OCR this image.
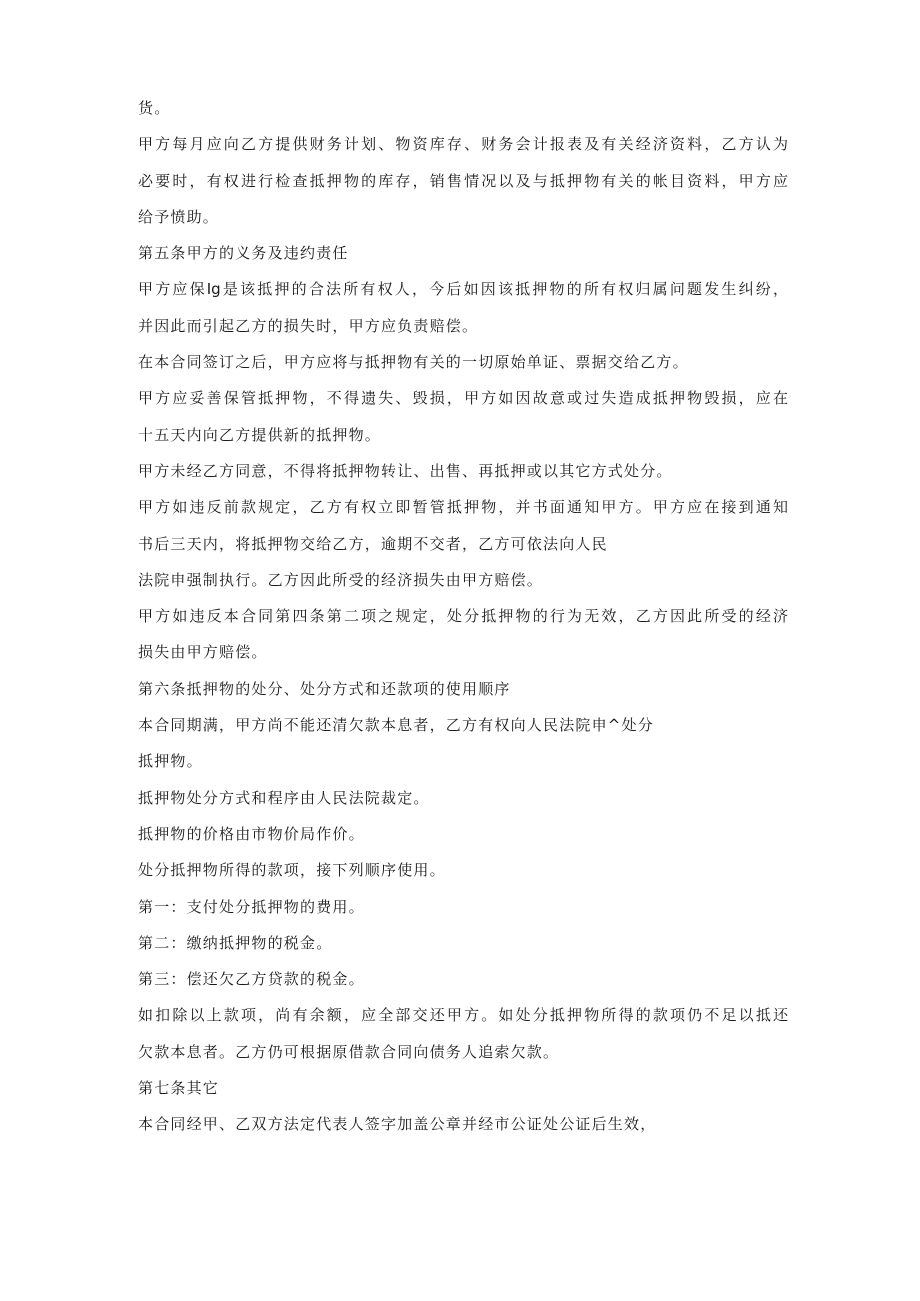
货。
甲方每月应向乙方提供财务计划、物资库存、财务会计报表及有关经济资料，乙方认为
必要时，有权进行检查抵押物的库存，销售情况以及与抵押物有关的帐目资料，甲方应
给予愤助。
第五条甲方的义务及违约责任
甲方应保Ig是该抵押的合法所有权人，今后如因该抵押物的所有权归属问题发生纠纷，
并因此而引起乙方的损失时，甲方应负责赔偿。
在本合同签订之后，甲方应将与抵押物有关的一切原始单证、票据交给乙方。
甲方应妥善保管抵押物，不得遗失、毁损，甲方如因故意或过失造成抵押物毁损，应在
十五天内向乙方提供新的抵押物。
甲方未经乙方同意，不得将抵押物转让、出售、再抵押或以其它方式处分。
甲方如违反前款规定，乙方有权立即暂管抵押物，并书面通知甲方。甲方应在接到通知
书后三天内，将抵押物交给乙方，逾期不交者，乙方可依法向人民
法院申强制执行。乙方因此所受的经济损失由甲方赔偿。
甲方如违反本合同第四条第二项之规定，处分抵押物的行为无效，乙方因此所受的经济
损失由甲方赔偿。
第六条抵押物的处分、处分方式和还款项的使用顺序
本合同期满，甲方尚不能还清欠款本息者，乙方有权向人民法院申^处分
抵押物。
抵押物处分方式和程序由人民法院裁定。
抵押物的价格由市物价局作价。
处分抵押物所得的款项，接下列顺序使用。
第一：支付处分抵押物的费用。
第二：缴纳抵押物的税金。
第三：偿还欠乙方贷款的税金。
如扣除以上款项，尚有余额，应全部交还甲方。如处分抵押物所得的款项仍不足以抵还
欠款本息者。乙方仍可根据原借款合同向债务人追索欠款。
第七条其它
本合同经甲、乙双方法定代表人签字加盖公章并经市公证处公证后生效，
